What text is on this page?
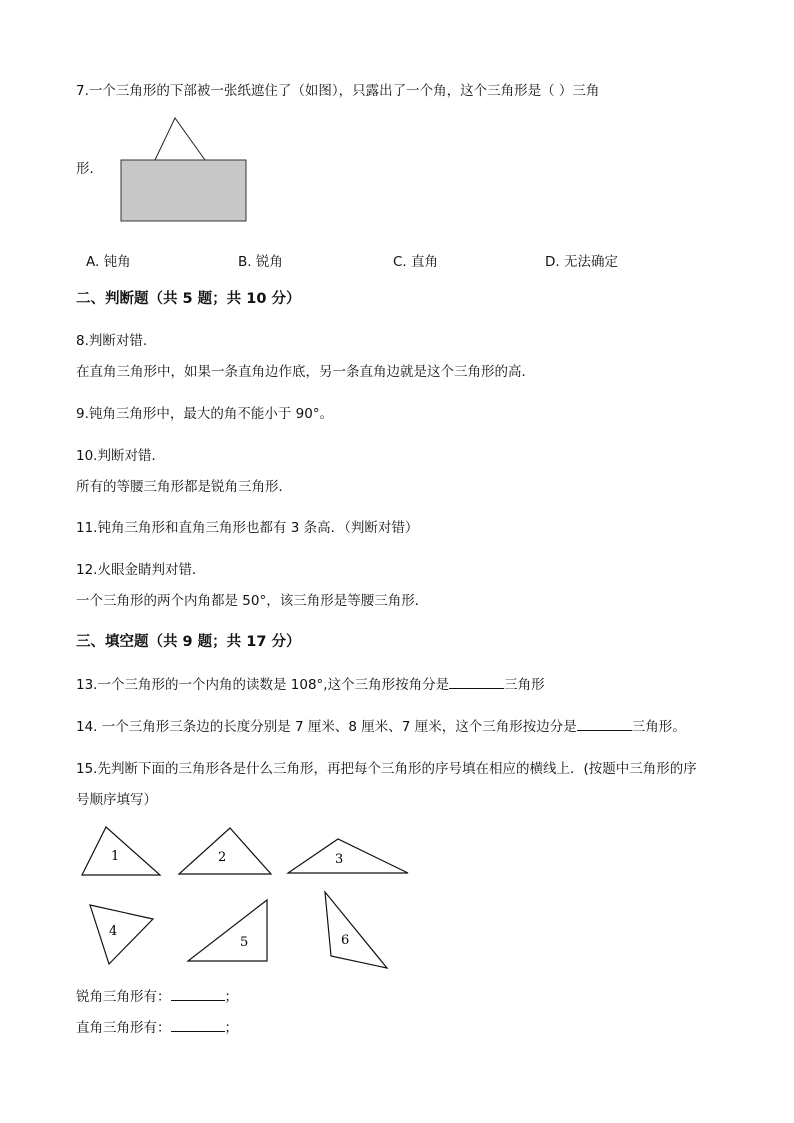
7.一个三角形的下部被一张纸遮住了（如图），只露出了一个角，这个三角形是（ ）三角
形．
A. 钝角	B. 锐角	C. 直角	D. 无法确定
二、判断题（共 5 题；共 10 分）
8.判断对错.
在直角三角形中，如果一条直角边作底，另一条直角边就是这个三角形的高．
9.钝角三角形中，最大的角不能小于 90°。
10.判断对错．
所有的等腰三角形都是锐角三角形．
11.钝角三角形和直角三角形也都有 3 条高．（判断对错）
12.火眼金睛判对错．
一个三角形的两个内角都是 50°，该三角形是等腰三角形．
三、填空题（共 9 题；共 17 分）
13.一个三角形的一个内角的读数是 108°,这个三角形按角分是	三角形
14. 一个三角形三条边的长度分别是 7 厘米、8 厘米、7 厘米，这个三角形按边分是	三角形。
15.先判断下面的三角形各是什么三角形，再把每个三角形的序号填在相应的横线上．(按题中三角形的序
号顺序填写）
1	2	3
4
5	6
锐角三角形有：	；
直角三角形有：	；
